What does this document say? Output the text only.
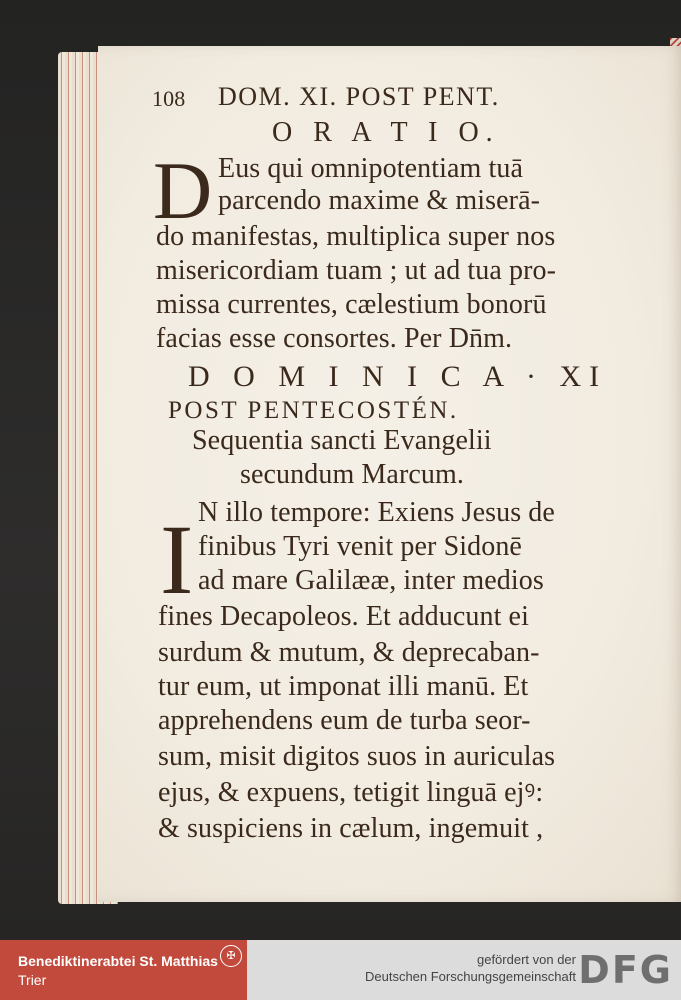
108 DOM. XI. POST PENT.
O R A T I O.
D Eus qui omnipotentiam tuā
parcendo maxime & miserā-
do manifestas, multiplica super nos
misericordiam tuam ; ut ad tua pro-
missa currentes, cælestium bonorū
facias esse consortes. Per Dn̄m.
D O M I N I C A · XI
POST PENTECOSTÉN.
Sequentia sancti Evangelii
secundum Marcum.
I N illo tempore: Exiens Jesus de
finibus Tyri venit per Sidonē
ad mare Galilææ, inter medios
fines Decapoleos. Et adducunt ei
surdum & mutum, & deprecaban-
tur eum, ut imponat illi manū. Et
apprehendens eum de turba seor-
sum, misit digitos suos in auriculas
ejus, & expuens, tetigit linguā ejꝰ:
& suspiciens in cælum, ingemuit ,
Benediktinerabtei St. Matthias
Trier
✠	gefördert von der
Deutschen Forschungsgemeinschaft DFG
